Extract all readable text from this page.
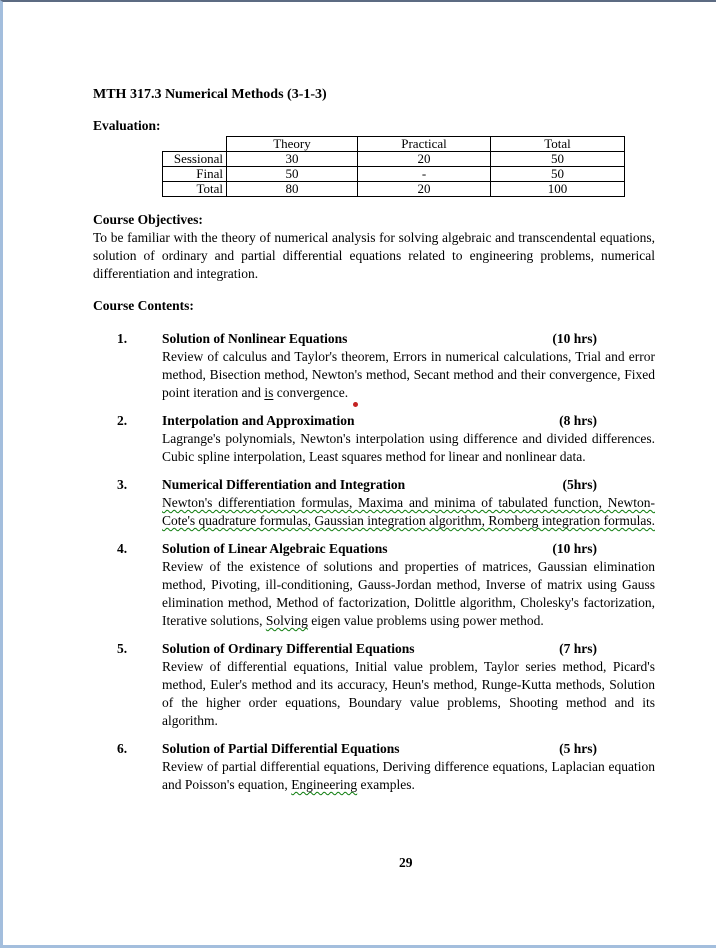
MTH 317.3 Numerical Methods (3-1-3)
Evaluation:
	Theory	Practical	Total
Sessional	30	20	50
Final	50	-	50
Total	80	20	100
Course Objectives:
To be familiar with the theory of numerical analysis for solving algebraic and transcendental equations, solution of ordinary and partial differential equations related to engineering problems, numerical differentiation and integration.
Course Contents:
1.	Solution of Nonlinear Equations	(10 hrs)
Review of calculus and Taylor's theorem, Errors in numerical calculations, Trial and error method, Bisection method, Newton's method, Secant method and their convergence, Fixed point iteration and is convergence.
2.	Interpolation and Approximation	(8 hrs)
Lagrange's polynomials, Newton's interpolation using difference and divided differences. Cubic spline interpolation, Least squares method for linear and nonlinear data.
3.	Numerical Differentiation and Integration	(5hrs)
Newton's differentiation formulas, Maxima and minima of tabulated function, Newton-Cote's quadrature formulas, Gaussian integration algorithm, Romberg integration formulas.
4.	Solution of Linear Algebraic Equations	(10 hrs)
Review of the existence of solutions and properties of matrices, Gaussian elimination method, Pivoting, ill-conditioning, Gauss-Jordan method, Inverse of matrix using Gauss elimination method, Method of factorization, Dolittle algorithm, Cholesky's factorization, Iterative solutions, Solving eigen value problems using power method.
5.	Solution of Ordinary Differential Equations	(7 hrs)
Review of differential equations, Initial value problem, Taylor series method, Picard's method, Euler's method and its accuracy, Heun's method, Runge-Kutta methods, Solution of the higher order equations, Boundary value problems, Shooting method and its algorithm.
6.	Solution of Partial Differential Equations	(5 hrs)
Review of partial differential equations, Deriving difference equations, Laplacian equation and Poisson's equation, Engineering examples.
29
